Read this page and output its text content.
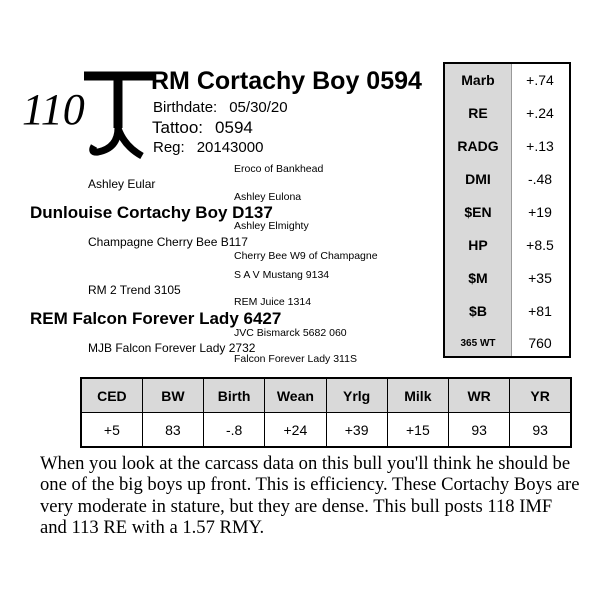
110
RM Cortachy Boy 0594
Birthdate: 05/30/20
Tattoo: 0594
Reg: 20143000
Eroco of Bankhead
Ashley Eular
Ashley Eulona
Dunlouise Cortachy Boy D137
Ashley Elmighty
Champagne Cherry Bee B117
Cherry Bee W9 of Champagne
S A V Mustang 9134
RM 2 Trend 3105
REM Juice 1314
REM Falcon Forever Lady 6427
JVC Bismarck 5682 060
MJB Falcon Forever Lady 2732
Falcon Forever Lady 311S
Marb	+.74
RE	+.24
RADG	+.13
DMI	-.48
$EN	+19
HP	+8.5
$M	+35
$B	+81
365 WT	760
CED	BW	Birth	Wean	Yrlg	Milk	WR	YR
+5	83	-.8	+24	+39	+15	93	93
When you look at the carcass data on this bull you'll think he should be one of the big boys up front. This is efficiency. These Cortachy Boys are very moderate in stature, but they are dense. This bull posts 118 IMF and 113 RE with a 1.57 RMY.
